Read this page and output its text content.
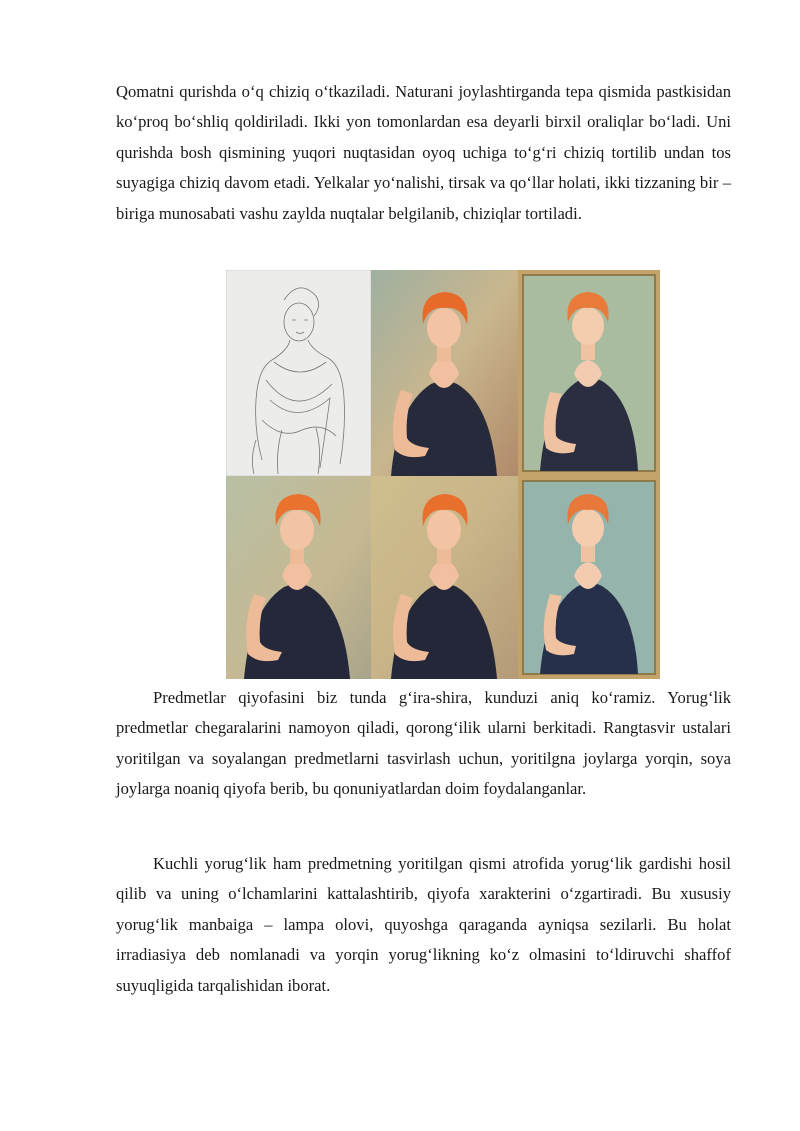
Qomatni qurishda o‘q chiziq o‘tkaziladi. Naturani joylashtirganda tepa qismida pastkisidan ko‘proq bo‘shliq qoldiriladi. Ikki yon tomonlardan esa deyarli birxil oraliqlar bo‘ladi. Uni qurishda bosh qismining yuqori nuqtasidan oyoq uchiga to‘g‘ri chiziq tortilib undan tos suyagiga chiziq davom etadi. Yelkalar yo‘nalishi, tirsak va qo‘llar holati, ikki tizzaning bir – biriga munosabati vashu zaylda nuqtalar belgilanib, chiziqlar tortiladi.

Predmetlar qiyofasini biz tunda g‘ira-shira, kunduzi aniq ko‘ramiz. Yorug‘lik predmetlar chegaralarini namoyon qiladi, qorong‘ilik ularni berkitadi. Rangtasvir ustalari yoritilgan va soyalangan predmetlarni tasvirlash uchun, yoritilgna joylarga yorqin, soya joylarga noaniq qiyofa berib, bu qonuniyatlardan doim foydalanganlar.

Kuchli yorug‘lik ham predmetning yoritilgan qismi atrofida yorug‘lik gardishi hosil qilib va uning o‘lchamlarini kattalashtirib, qiyofa xarakterini o‘zgartiradi. Bu xususiy yorug‘lik manbaiga – lampa olovi, quyoshga qaraganda ayniqsa sezilarli. Bu holat irradiasiya deb nomlanadi va yorqin yorug‘likning ko‘z olmasini to‘ldiruvchi shaffof suyuqligida tarqalishidan iborat.
